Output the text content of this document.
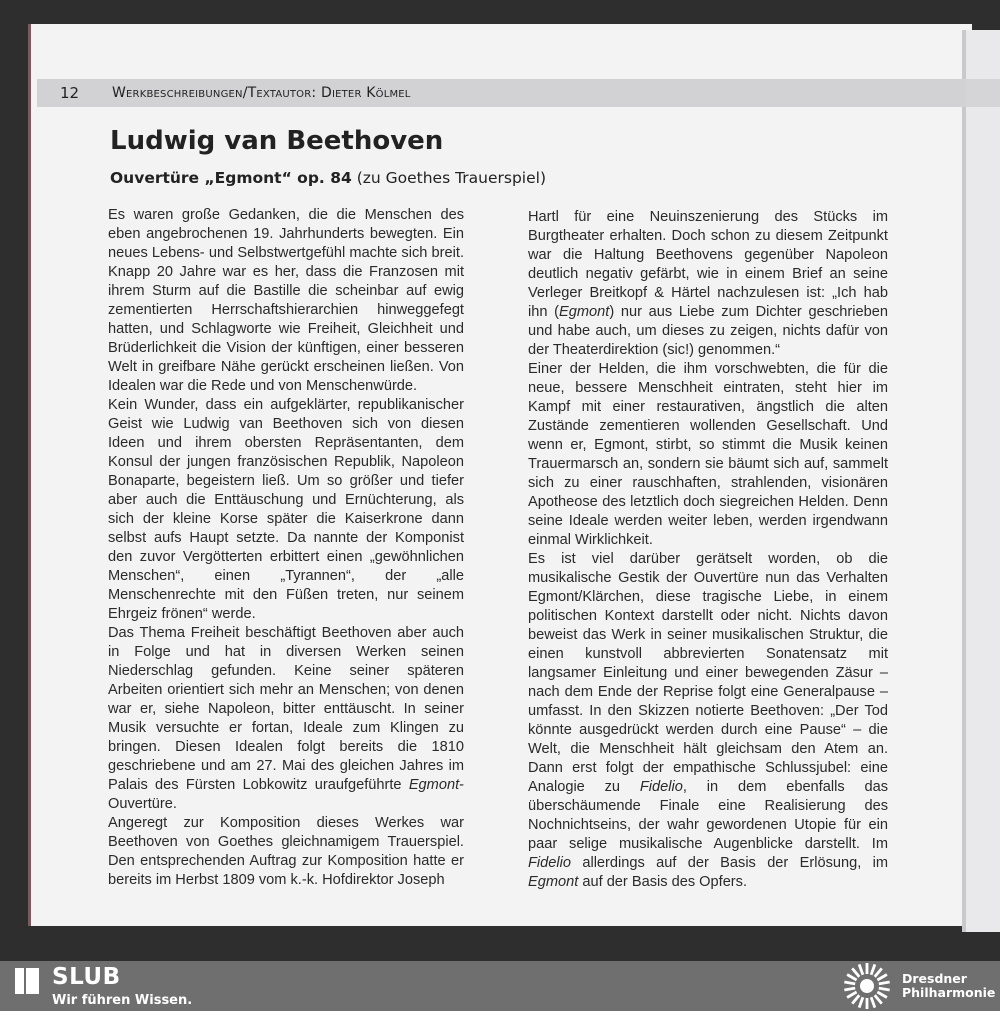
12 Werkbeschreibungen/Textautor: Dieter Kölmel
Ludwig van Beethoven
Ouvertüre „Egmont“ op. 84 (zu Goethes Trauerspiel)

Es waren große Gedanken, die die Menschen des eben angebrochenen 19. Jahrhunderts bewegten. Ein neues Lebens- und Selbstwertgefühl machte sich breit. Knapp 20 Jahre war es her, dass die Franzosen mit ihrem Sturm auf die Bastille die scheinbar auf ewig zementierten Herrschaftshierarchien hinweggefegt hatten, und Schlagworte wie Freiheit, Gleichheit und Brüderlichkeit die Vision der künftigen, einer besseren Welt in greifbare Nähe gerückt erscheinen ließen. Von Idealen war die Rede und von Menschenwürde.

Kein Wunder, dass ein aufgeklärter, republikanischer Geist wie Ludwig van Beethoven sich von diesen Ideen und ihrem obersten Repräsentanten, dem Konsul der jungen französischen Republik, Napoleon Bonaparte, begeistern ließ. Um so größer und tiefer aber auch die Enttäuschung und Ernüchterung, als sich der kleine Korse später die Kaiserkrone dann selbst aufs Haupt setzte. Da nannte der Komponist den zuvor Vergötterten erbittert einen „gewöhnlichen Menschen“, einen „Tyrannen“, der „alle Menschenrechte mit den Füßen treten, nur seinem Ehrgeiz frönen“ werde.

Das Thema Freiheit beschäftigt Beethoven aber auch in Folge und hat in diversen Werken seinen Niederschlag gefunden. Keine seiner späteren Arbeiten orientiert sich mehr an Menschen; von denen war er, siehe Napoleon, bitter enttäuscht. In seiner Musik versuchte er fortan, Ideale zum Klingen zu bringen. Diesen Idealen folgt bereits die 1810 geschriebene und am 27. Mai des gleichen Jahres im Palais des Fürsten Lobkowitz uraufgeführte Egmont-Ouvertüre.

Angeregt zur Komposition dieses Werkes war Beethoven von Goethes gleichnamigem Trauerspiel. Den entsprechenden Auftrag zur Komposition hatte er bereits im Herbst 1809 vom k.-k. Hofdirektor Joseph

Hartl für eine Neuinszenierung des Stücks im Burgtheater erhalten. Doch schon zu diesem Zeitpunkt war die Haltung Beethovens gegenüber Napoleon deutlich negativ gefärbt, wie in einem Brief an seine Verleger Breitkopf & Härtel nachzulesen ist: „Ich hab ihn (Egmont) nur aus Liebe zum Dichter geschrieben und habe auch, um dieses zu zeigen, nichts dafür von der Theaterdirektion (sic!) genommen.“

Einer der Helden, die ihm vorschwebten, die für die neue, bessere Menschheit eintraten, steht hier im Kampf mit einer restaurativen, ängstlich die alten Zustände zementieren wollenden Gesellschaft. Und wenn er, Egmont, stirbt, so stimmt die Musik keinen Trauermarsch an, sondern sie bäumt sich auf, sammelt sich zu einer rauschhaften, strahlenden, visionären Apotheose des letztlich doch siegreichen Helden. Denn seine Ideale werden weiter leben, werden irgendwann einmal Wirklichkeit.

Es ist viel darüber gerätselt worden, ob die musikalische Gestik der Ouvertüre nun das Verhalten Egmont/Klärchen, diese tragische Liebe, in einem politischen Kontext darstellt oder nicht. Nichts davon beweist das Werk in seiner musikalischen Struktur, die einen kunstvoll abbrevierten Sonatensatz mit langsamer Einleitung und einer bewegenden Zäsur – nach dem Ende der Reprise folgt eine Generalpause – umfasst. In den Skizzen notierte Beethoven: „Der Tod könnte ausgedrückt werden durch eine Pause“ – die Welt, die Menschheit hält gleichsam den Atem an. Dann erst folgt der empathische Schlussjubel: eine Analogie zu Fidelio, in dem ebenfalls das überschäumende Finale eine Realisierung des Nochnichtseins, der wahr gewordenen Utopie für ein paar selige musikalische Augenblicke darstellt. Im Fidelio allerdings auf der Basis der Erlösung, im Egmont auf der Basis des Opfers.

SLUB
Wir führen Wissen.
Dresdner
Philharmonie
